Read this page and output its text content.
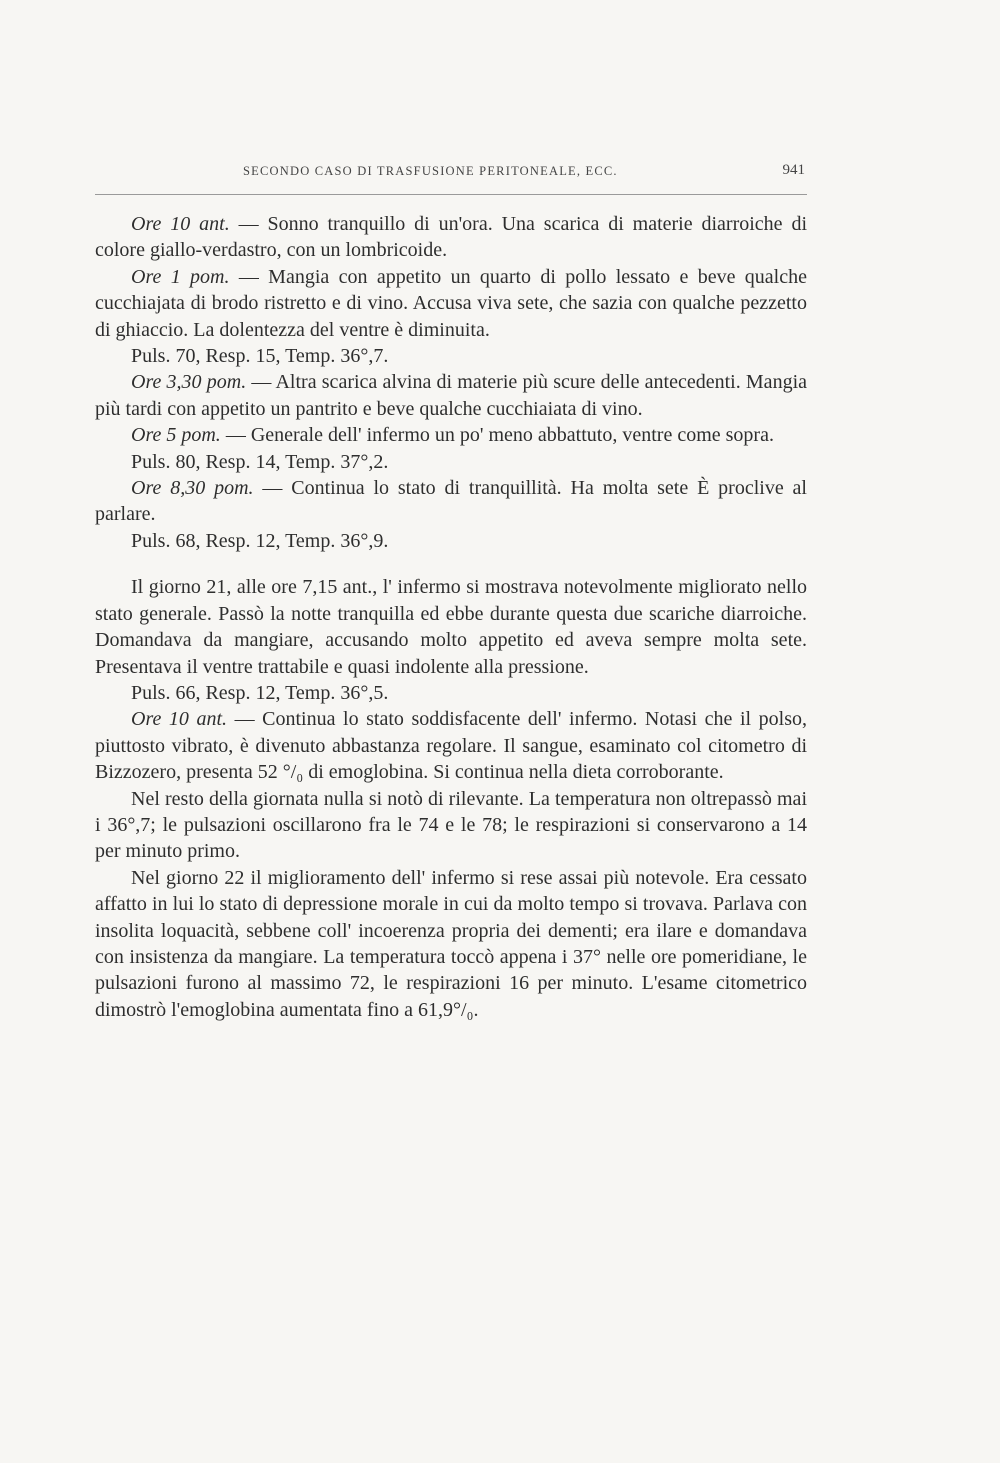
SECONDO CASO DI TRASFUSIONE PERITONEALE, ECC.	941

Ore 10 ant. — Sonno tranquillo di un'ora. Una scarica di materie diarroiche di colore giallo-verdastro, con un lombricoide.

Ore 1 pom. — Mangia con appetito un quarto di pollo lessato e beve qualche cucchiajata di brodo ristretto e di vino. Accusa viva sete, che sazia con qualche pezzetto di ghiaccio. La dolentezza del ventre è diminuita.

Puls. 70, Resp. 15, Temp. 36°,7.

Ore 3,30 pom. — Altra scarica alvina di materie più scure delle antecedenti. Mangia più tardi con appetito un pantrito e beve qualche cucchiaiata di vino.

Ore 5 pom. — Generale dell' infermo un po' meno abbattuto, ventre come sopra.

Puls. 80, Resp. 14, Temp. 37°,2.

Ore 8,30 pom. — Continua lo stato di tranquillità. Ha molta sete È proclive al parlare.

Puls. 68, Resp. 12, Temp. 36°,9.

Il giorno 21, alle ore 7,15 ant., l' infermo si mostrava notevolmente migliorato nello stato generale. Passò la notte tranquilla ed ebbe durante questa due scariche diarroiche. Domandava da mangiare, accusando molto appetito ed aveva sempre molta sete. Presentava il ventre trattabile e quasi indolente alla pressione.

Puls. 66, Resp. 12, Temp. 36°,5.

Ore 10 ant. — Continua lo stato soddisfacente dell' infermo. Notasi che il polso, piuttosto vibrato, è divenuto abbastanza regolare. Il sangue, esaminato col citometro di Bizzozero, presenta 52 °/₀ di emoglobina. Si continua nella dieta corroborante.

Nel resto della giornata nulla si notò di rilevante. La temperatura non oltrepassò mai i 36°,7; le pulsazioni oscillarono fra le 74 e le 78; le respirazioni si conservarono a 14 per minuto primo.

Nel giorno 22 il miglioramento dell' infermo si rese assai più notevole. Era cessato affatto in lui lo stato di depressione morale in cui da molto tempo si trovava. Parlava con insolita loquacità, sebbene coll' incoerenza propria dei dementi; era ilare e domandava con insistenza da mangiare. La temperatura toccò appena i 37° nelle ore pomeridiane, le pulsazioni furono al massimo 72, le respirazioni 16 per minuto. L'esame citometrico dimostrò l'emoglobina aumentata fino a 61,9°/₀.
